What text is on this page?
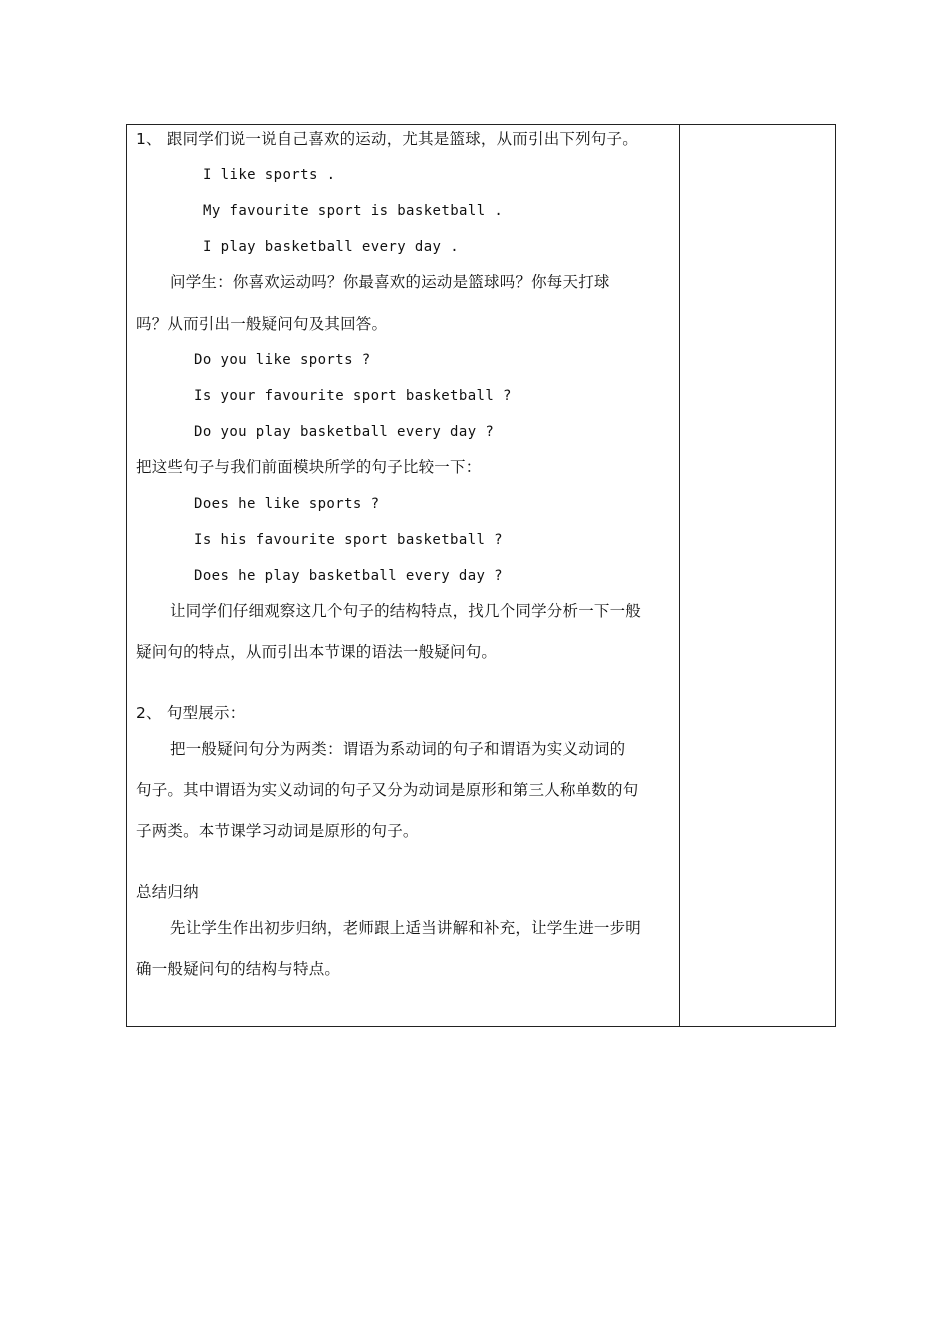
1、 跟同学们说一说自己喜欢的运动，尤其是篮球，从而引出下列句子。
I like sports .
My favourite sport is basketball .
I play basketball every day .
问学生：你喜欢运动吗？你最喜欢的运动是篮球吗？你每天打球
吗？从而引出一般疑问句及其回答。
Do you like sports ?
Is your favourite sport basketball ?
Do you play basketball every day ?
把这些句子与我们前面模块所学的句子比较一下：
Does he like sports ?
Is his favourite sport basketball ?
Does he play basketball every day ?
让同学们仔细观察这几个句子的结构特点，找几个同学分析一下一般
疑问句的特点，从而引出本节课的语法一般疑问句。
2、 句型展示：
把一般疑问句分为两类：谓语为系动词的句子和谓语为实义动词的
句子。其中谓语为实义动词的句子又分为动词是原形和第三人称单数的句
子两类。本节课学习动词是原形的句子。
总结归纳
先让学生作出初步归纳，老师跟上适当讲解和补充，让学生进一步明
确一般疑问句的结构与特点。
